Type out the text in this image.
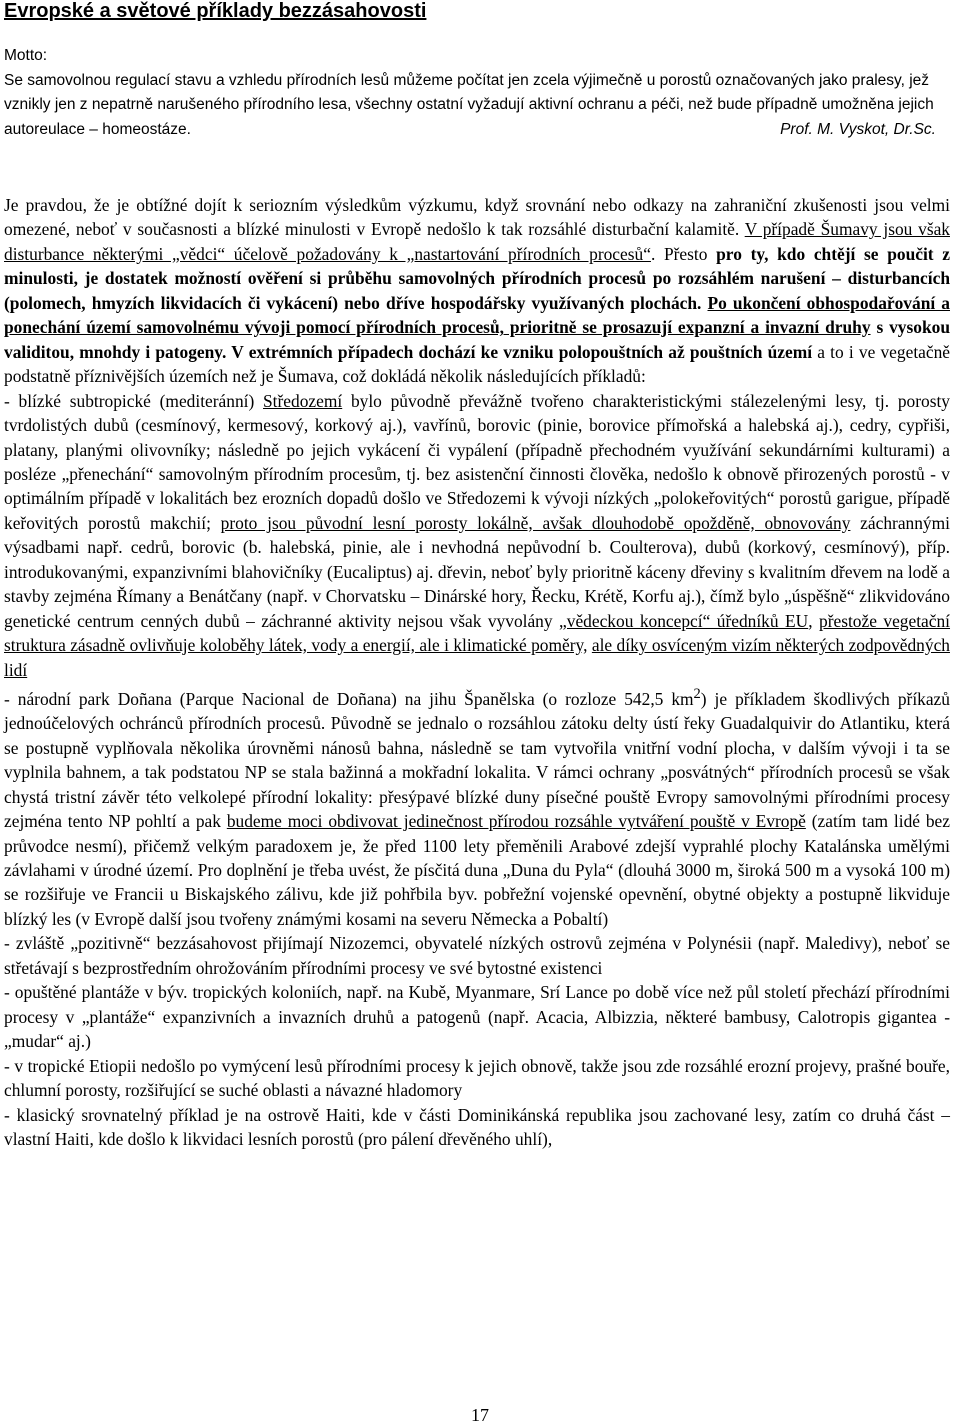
Evropské a světové příklady bezzásahovosti

Motto:

Se samovolnou regulací stavu a vzhledu přírodních lesů můžeme počítat jen zcela výjimečně u porostů označovaných jako pralesy, jež vznikly jen z nepatrně narušeného přírodního lesa, všechny ostatní vyžadují aktivní ochranu a péči, než bude případně umožněna jejich autoreulace – homeostáze.	Prof. M. Vyskot, Dr.Sc.

Je pravdou, že je obtížné dojít k seriozním výsledkům výzkumu, když srovnání nebo odkazy na zahraniční zkušenosti jsou velmi omezené, neboť v současnosti a blízké minulosti v Evropě nedošlo k tak rozsáhlé disturbační kalamitě. V případě Šumavy jsou však disturbance některými „vědci“ účelově požadovány k „nastartování přírodních procesů“. Přesto pro ty, kdo chtějí se poučit z minulosti, je dostatek možností ověření si průběhu samovolných přírodních procesů po rozsáhlém narušení – disturbancích (polomech, hmyzích likvidacích či vykácení) nebo dříve hospodářsky využívaných plochách. Po ukončení obhospodařování a ponechání území samovolnému vývoji pomocí přírodních procesů, prioritně se prosazují expanzní a invazní druhy s vysokou validitou, mnohdy i patogeny. V extrémních případech dochází ke vzniku polopouštních až pouštních území a to i ve vegetačně podstatně příznivějších územích než je Šumava, což dokládá několik následujících příkladů:

- blízké subtropické (mediteránní) Středozemí bylo původně převážně tvořeno charakteristickými stálezelenými lesy, tj. porosty tvrdolistých dubů (cesmínový, kermesový, korkový aj.), vavřínů, borovic (pinie, borovice přímořská a halebská aj.), cedry, cypřiši, platany, planými olivovníky; následně po jejich vykácení či vypálení (případně přechodném využívání sekundárními kulturami) a posléze „přenechání“ samovolným přírodním procesům, tj. bez asistenční činnosti člověka, nedošlo k obnově přirozených porostů - v optimálním případě v lokalitách bez erozních dopadů došlo ve Středozemi k vývoji nízkých „polokeřovitých“ porostů garigue, případě keřovitých porostů makchií; proto jsou původní lesní porosty lokálně, avšak dlouhodobě opožděně, obnovovány záchrannými výsadbami např. cedrů, borovic (b. halebská, pinie, ale i nevhodná nepůvodní b. Coulterova), dubů (korkový, cesmínový), příp. introdukovanými, expanzivními blahovičníky (Eucaliptus) aj. dřevin, neboť byly prioritně káceny dřeviny s kvalitním dřevem na lodě a stavby zejména Římany a Benátčany (např. v Chorvatsku – Dinárské hory, Řecku, Krétě, Korfu aj.), čímž bylo „úspěšně“ zlikvidováno genetické centrum cenných dubů – záchranné aktivity nejsou však vyvolány „vědeckou koncepcí“ úředníků EU, přestože vegetační struktura zásadně ovlivňuje koloběhy látek, vody a energií, ale i klimatické poměry, ale díky osvíceným vizím některých zodpovědných lidí

- národní park Doñana (Parque Nacional de Doñana) na jihu Španělska (o rozloze 542,5 $km^2$) je příkladem škodlivých příkazů jednoúčelových ochránců přírodních procesů. Původně se jednalo o rozsáhlou zátoku delty ústí řeky Guadalquivir do Atlantiku, která se postupně vyplňovala několika úrovněmi nánosů bahna, následně se tam vytvořila vnitřní vodní plocha, v dalším vývoji i ta se vyplnila bahnem, a tak podstatou NP se stala bažinná a mokřadní lokalita. V rámci ochrany „posvátných“ přírodních procesů se však chystá tristní závěr této velkolepé přírodní lokality: přesýpavé blízké duny písečné pouště Evropy samovolnými přírodními procesy zejména tento NP pohltí a pak budeme moci obdivovat jedinečnost přírodou rozsáhle vytváření pouště v Evropě (zatím tam lidé bez průvodce nesmí), přičemž velkým paradoxem je, že před 1100 lety přeměnili Arabové zdejší vyprahlé plochy Katalánska umělými závlahami v úrodné území. Pro doplnění je třeba uvést, že písčitá duna „Duna du Pyla“ (dlouhá 3000 m, široká 500 m a vysoká 100 m) se rozšiřuje ve Francii u Biskajského zálivu, kde již pohřbila byv. pobřežní vojenské opevnění, obytné objekty a postupně likviduje blízký les (v Evropě další jsou tvořeny známými kosami na severu Německa a Pobaltí)

- zvláště „pozitivně“ bezzásahovost přijímají Nizozemci, obyvatelé nízkých ostrovů zejména v Polynésii (např. Maledivy), neboť se střetávají s bezprostředním ohrožováním přírodními procesy ve své bytostné existenci

- opuštěné plantáže v býv. tropických koloniích, např. na Kubě, Myanmare, Srí Lance po době více než půl století přechází přírodními procesy v „plantáže“ expanzivních a invazních druhů a patogenů (např. Acacia, Albizzia, některé bambusy, Calotropis gigantea - „mudar“ aj.)

- v tropické Etiopii nedošlo po vymýcení lesů přírodními procesy k jejich obnově, takže jsou zde rozsáhlé erozní projevy, prašné bouře, chlumní porosty, rozšiřující se suché oblasti a návazné hladomory

- klasický srovnatelný příklad je na ostrově Haiti, kde v části Dominikánská republika jsou zachované lesy, zatím co druhá část – vlastní Haiti, kde došlo k likvidaci lesních porostů (pro pálení dřevěného uhlí),

17
